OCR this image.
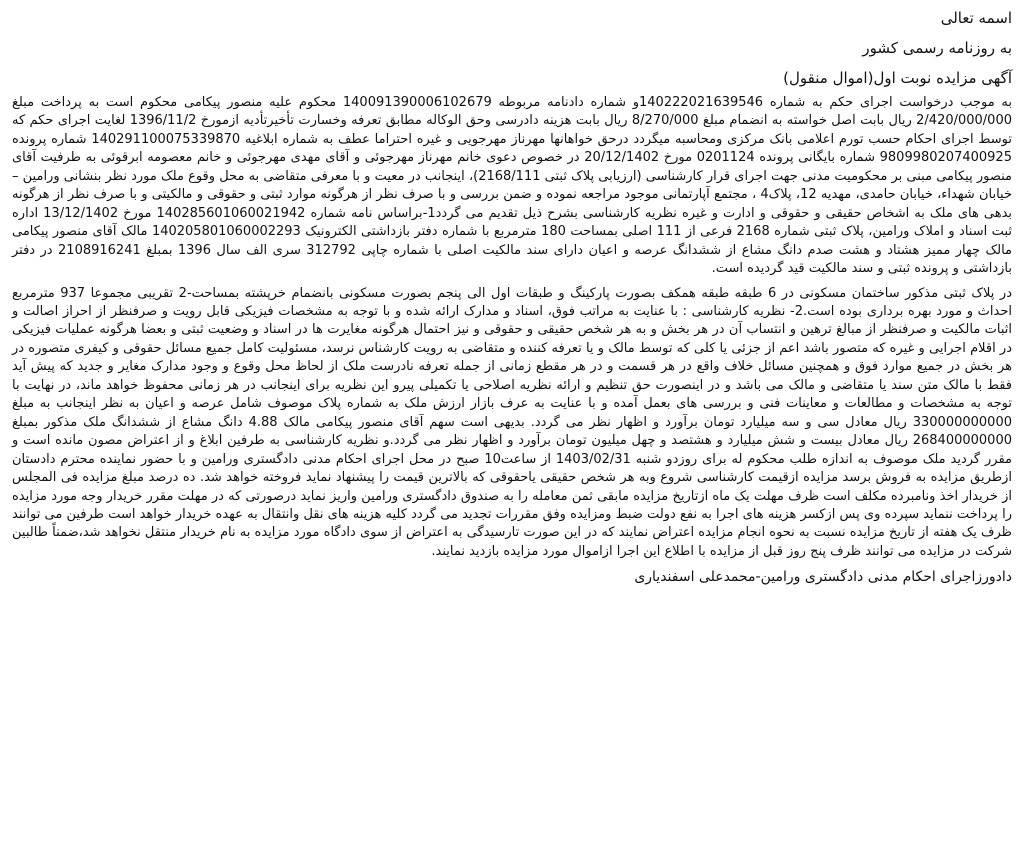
اسمه تعالی
به روزنامه رسمی کشور
آگهی مزایده نوبت اول(اموال منقول)

به موجب درخواست اجرای حکم به شماره 140222021639546و شماره دادنامه مربوطه 140091390006102679 محکوم علیه منصور پیکامی محکوم است به پرداخت مبلغ 2/420/000/000 ریال بابت اصل خواسته به انضمام مبلغ 8/270/000 ریال بابت هزینه دادرسی وحق الوکاله مطابق تعرفه وخسارت تأخیرتأدیه ازمورخ 1396/11/2 لغایت اجرای حکم که توسط اجرای احکام حسب تورم اعلامی بانک مرکزی ومحاسبه میگردد درحق خواهانها مهرناز مهرجویی و غیره احتراما عطف به شماره ابلاغیه 140291100075339870 شماره پرونده 9809980207400925 شماره بایگانی پرونده 0201124 مورخ 20/12/1402 در خصوص دعوی خانم مهرناز مهرجوئی و آقای مهدی مهرجوئی و خانم معصومه ابرقوئی به طرفیت آقای منصور پیکامی مبنی بر محکومیت مدنی جهت اجرای قرار کارشناسی (ارزیابی پلاک ثبتی 2168/111)، اینجانب در معیت و با معرفی متقاضی به محل وقوع ملک مورد نظر بنشانی ورامین – خیابان شهداء، خیابان حامدی، مهدیه 12، پلاک4 ، مجتمع آپارتمانی موجود مراجعه نموده و ضمن بررسی و با صرف نظر از هرگونه موارد ثبتی و حقوقی و مالکیتی و با صرف نظر از هرگونه بدهی های ملک به اشخاص حقیقی و حقوقی و ادارت و غیره نظریه کارشناسی بشرح ذیل تقدیم می گردد1-براساس نامه شماره 140285601060021942 مورخ 13/12/1402 اداره ثبت اسناد و املاک ورامین، پلاک ثبتی شماره 2168 فرعی از 111 اصلی بمساحت 180 مترمربع با شماره دفتر بازداشتی الکترونیک 140205801060002293 مالک آقای منصور پیکامی مالک چهار ممیز هشتاد و هشت صدم دانگ مشاع از ششدانگ عرصه و اعیان دارای سند مالکیت اصلی با شماره چاپی 312792 سری الف سال 1396 بمبلغ 2108916241 در دفتر بازداشتی و پرونده ثبتی و سند مالکیت قید گردیده است.

در پلاک ثبتی مذکور ساختمان مسکونی در 6 طبقه طبقه همکف بصورت پارکینگ و طبقات اول الی پنجم بصورت مسکونی بانضمام خرپشته بمساحت-2 تقریبی مجموعا 937 مترمربع احداث و مورد بهره برداری بوده است.2- نظریه کارشناسی : با عنایت به مراتب فوق، اسناد و مدارک ارائه شده و با توجه به مشخصات فیزیکی قابل رویت و صرفنظر از احراز اصالت و اثبات مالکیت و صرفنظر از مبالغ ترهین و انتساب آن در هر بخش و به هر شخص حقیقی و حقوقی و نیز احتمال هرگونه مغایرت ها در اسناد و وضعیت ثبتی و بعضا هرگونه عملیات فیزیکی در اقلام اجرایی و غیره که متصور باشد اعم از جزئی یا کلی که توسط مالک و یا تعرفه کننده و متقاضی به رویت کارشناس نرسد، مسئولیت کامل جمیع مسائل حقوقی و کیفری متصوره در هر بخش در جمیع موارد فوق و همچنین مسائل خلاف واقع در هر قسمت و در هر مقطع زمانی از جمله تعرفه نادرست ملک از لحاظ محل وقوع و وجود مدارک مغایر و جدید که پیش آید فقط با مالک متن سند یا متقاضی و مالک می باشد و در اینصورت حق تنظیم و ارائه نظریه اصلاحی یا تکمیلی پیرو این نظریه برای اینجانب در هر زمانی محفوظ خواهد ماند، در نهایت با توجه به مشخصات و مطالعات و معاینات فنی و بررسی های بعمل آمده و با عنایت به عرف بازار ارزش ملک به شماره پلاک موصوف شامل عرصه و اعیان به نظر اینجانب به مبلغ 330000000000 ریال معادل سی و سه میلیارد تومان برآورد و اظهار نظر می گردد. بدیهی است سهم آقای منصور پیکامی مالک 4.88 دانگ مشاع از ششدانگ ملک مذکور بمبلغ 268400000000 ریال معادل بیست و شش میلیارد و هشتصد و چهل میلیون تومان برآورد و اظهار نظر می گردد.و نظریه کارشناسی به طرفین ابلاغ و از اعتراض مصون مانده است و مقرر گردید ملک موصوف به اندازه طلب محکوم له برای روزدو شنبه 1403/02/31 از ساعت10 صبح در محل اجرای احکام مدنی دادگستری ورامین و با حضور نماینده محترم دادستان ازطریق مزایده به فروش برسد مزایده ازقیمت کارشناسی شروع وبه هر شخص حقیقی یاحقوقی که بالاترین قیمت را پیشنهاد نماید فروخته خواهد شد. ده درصد مبلغ مزایده فی المجلس از خریدار اخذ ونامبرده مکلف است ظرف مهلت یک ماه ازتاریخ مزایده مابقی ثمن معامله را به صندوق دادگستری ورامین واریز نماید درصورتی که در مهلت مقرر خریدار وجه مورد مزایده را پرداخت ننماید سپرده وی پس ازکسر هزینه های اجرا به نفع دولت ضبط ومزایده وفق مقررات تجدید می گردد کلیه هزینه های نقل وانتقال به عهده خریدار خواهد است طرفین می توانند ظرف یک هفته از تاریخ مزایده نسبت به نحوه انجام مزایده اعتراض نمایند که در این صورت تارسیدگی به اعتراض از سوی دادگاه مورد مزایده به نام خریدار منتقل نخواهد شد،ضمناً طالبین شرکت در مزایده می توانند ظرف پنج روز قبل از مزایده با اطلاع این اجرا ازاموال مورد مزایده بازدید نمایند.

دادورزاجرای احکام مدنی دادگستری ورامین-محمدعلی اسفندیاری
